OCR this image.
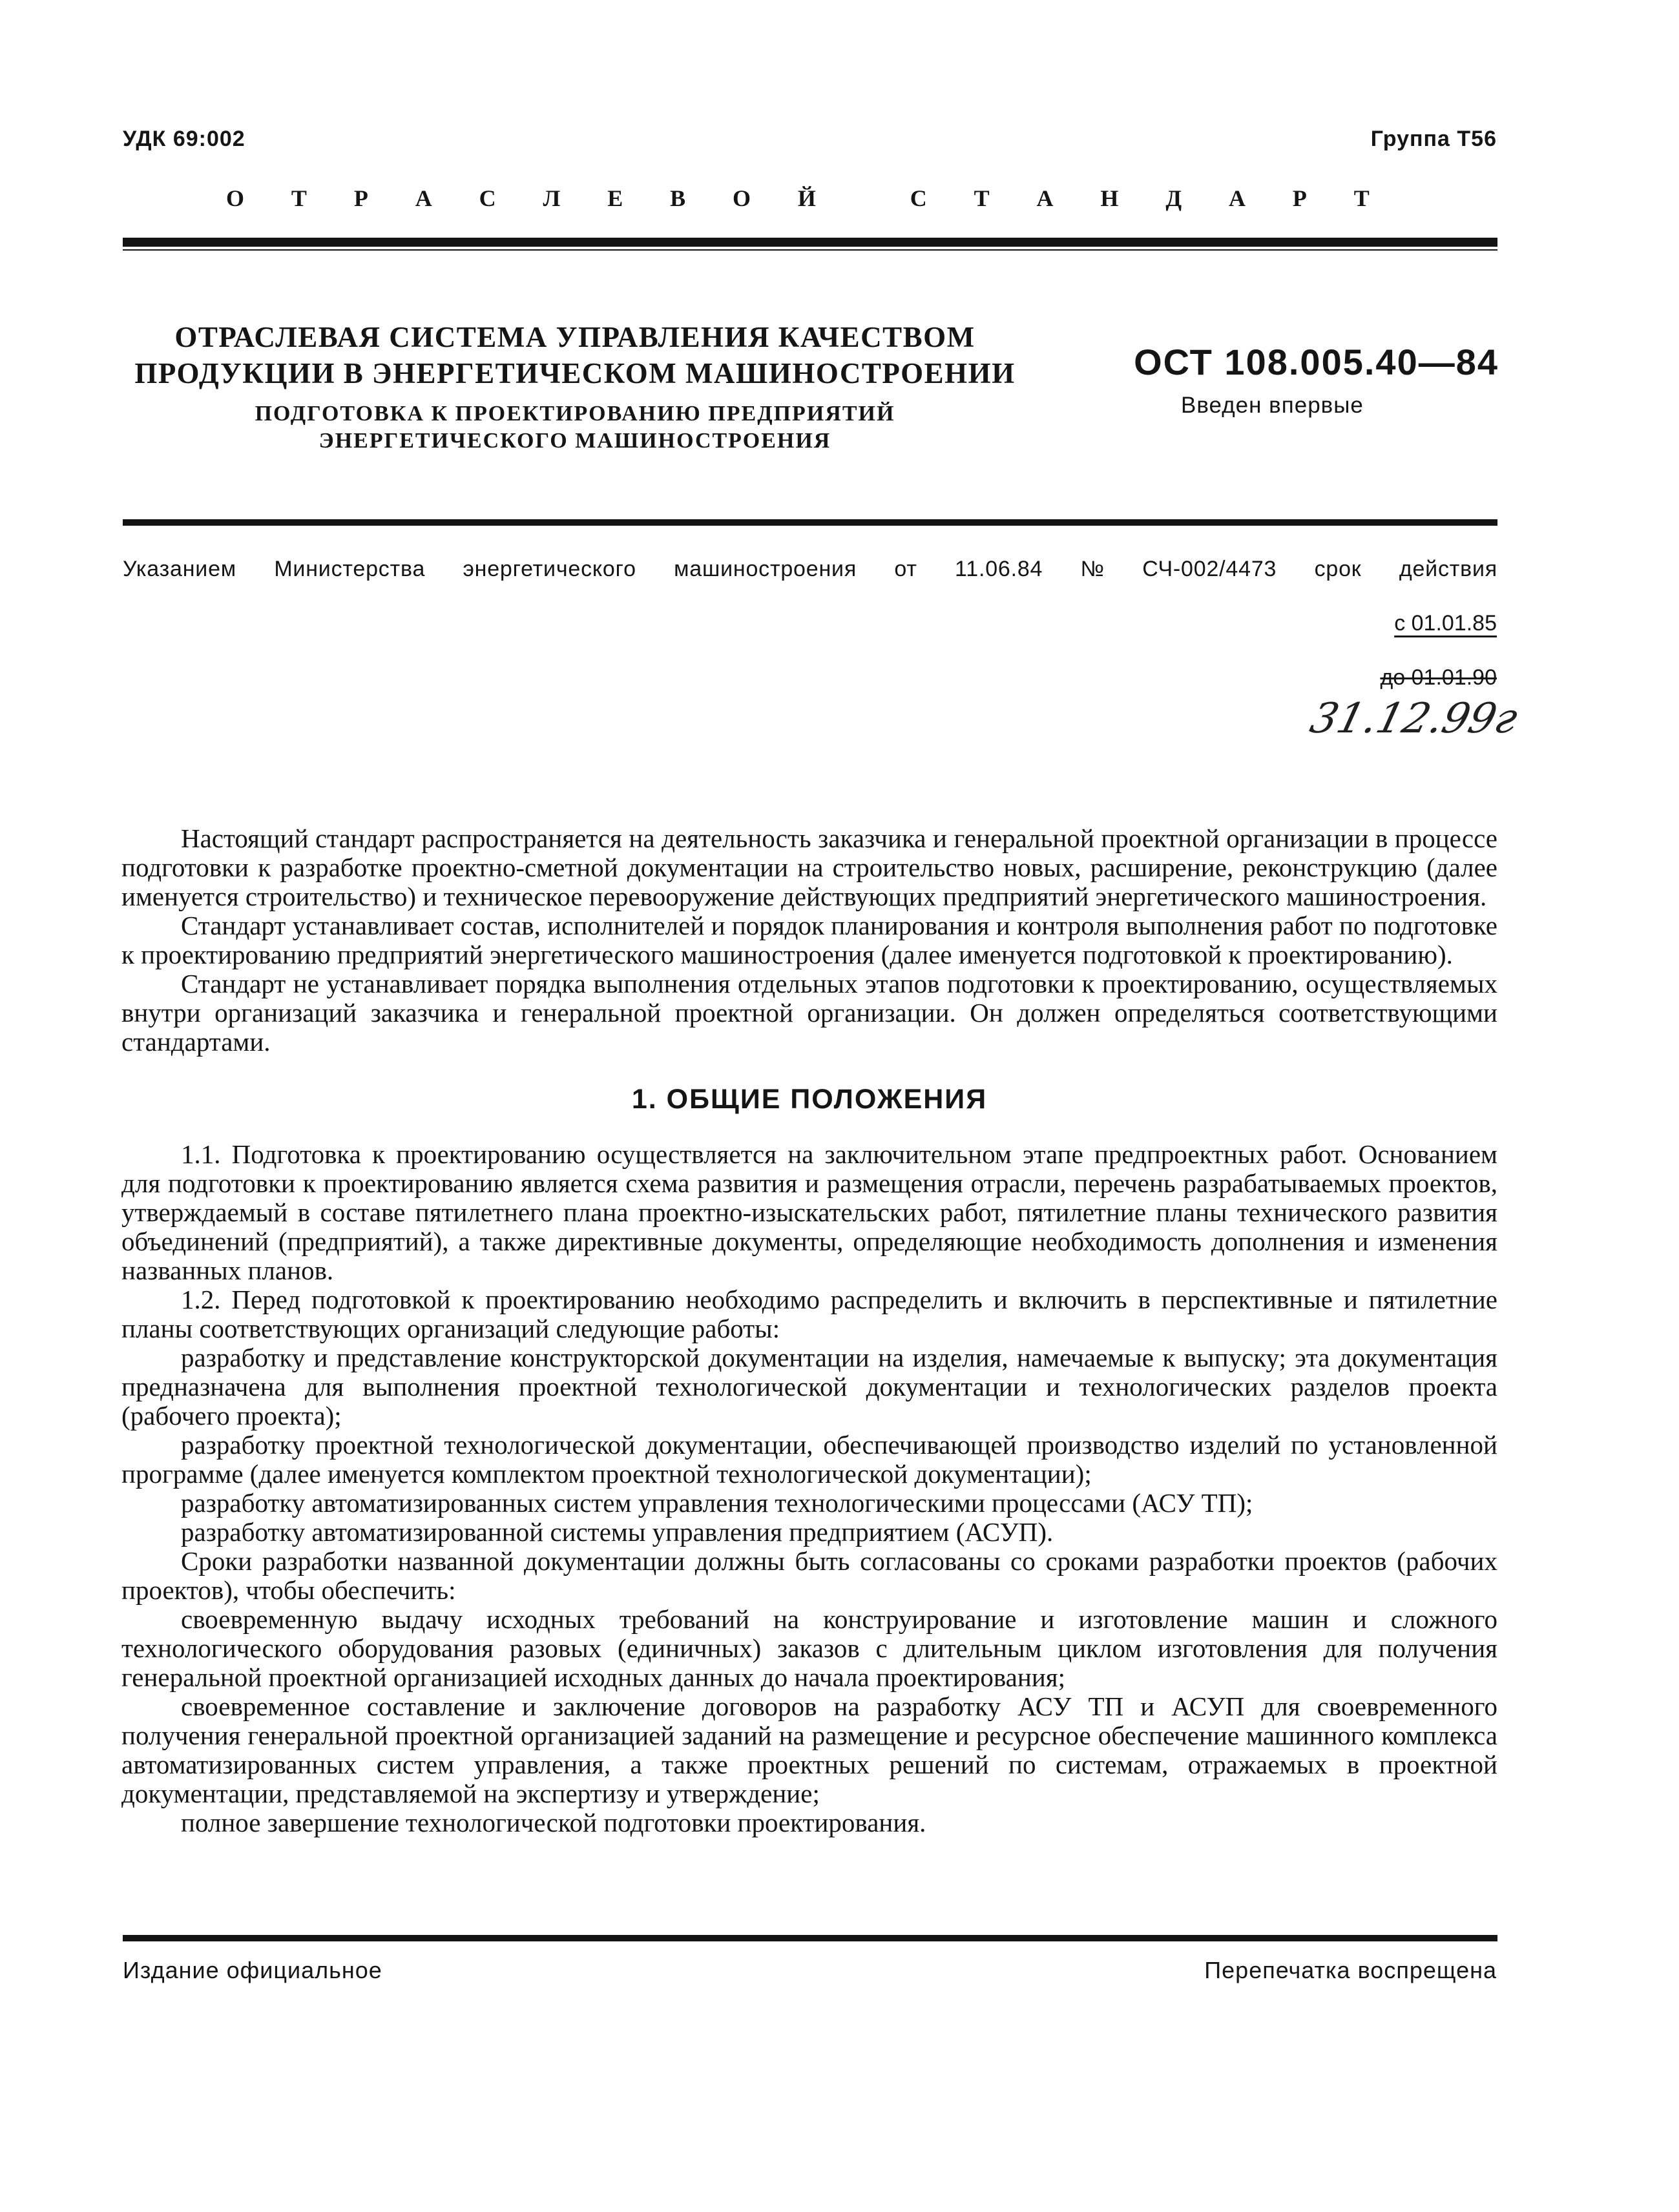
УДК 69:002	Группа Т56
О Т Р А С Л Е В О Й	С Т А Н Д А Р Т
ОТРАСЛЕВАЯ СИСТЕМА УПРАВЛЕНИЯ КАЧЕСТВОМ
ПРОДУКЦИИ В ЭНЕРГЕТИЧЕСКОМ МАШИНОСТРОЕНИИ
ПОДГОТОВКА К ПРОЕКТИРОВАНИЮ ПРЕДПРИЯТИЙ
ЭНЕРГЕТИЧЕСКОГО МАШИНОСТРОЕНИЯ
ОСТ 108.005.40—84
Введен впервые
Указанием Министерства энергетического машиностроения от 11.06.84 № СЧ-002/4473 срок действия
с 01.01.85
до 01.01.90
31.12.99г

Настоящий стандарт распространяется на деятельность заказчика и генеральной проектной организации в процессе подготовки к разработке проектно-сметной документации на строительство новых, расширение, реконструкцию (далее именуется строительство) и техническое перевооружение действующих предприятий энергетического машиностроения.

Стандарт устанавливает состав, исполнителей и порядок планирования и контроля выполнения работ по подготовке к проектированию предприятий энергетического машиностроения (далее именуется подготовкой к проектированию).

Стандарт не устанавливает порядка выполнения отдельных этапов подготовки к проектированию, осуществляемых внутри организаций заказчика и генеральной проектной организации. Он должен определяться соответствующими стандартами.

1. ОБЩИЕ ПОЛОЖЕНИЯ

1.1. Подготовка к проектированию осуществляется на заключительном этапе предпроектных работ. Основанием для подготовки к проектированию является схема развития и размещения отрасли, перечень разрабатываемых проектов, утверждаемый в составе пятилетнего плана проектно-изыскательских работ, пятилетние планы технического развития объединений (предприятий), а также директивные документы, определяющие необходимость дополнения и изменения названных планов.

1.2. Перед подготовкой к проектированию необходимо распределить и включить в перспективные и пятилетние планы соответствующих организаций следующие работы:

разработку и представление конструкторской документации на изделия, намечаемые к выпуску; эта документация предназначена для выполнения проектной технологической документации и технологических разделов проекта (рабочего проекта);

разработку проектной технологической документации, обеспечивающей производство изделий по установленной программе (далее именуется комплектом проектной технологической документации);

разработку автоматизированных систем управления технологическими процессами (АСУ ТП);

разработку автоматизированной системы управления предприятием (АСУП).

Сроки разработки названной документации должны быть согласованы со сроками разработки проектов (рабочих проектов), чтобы обеспечить:

своевременную выдачу исходных требований на конструирование и изготовление машин и сложного технологического оборудования разовых (единичных) заказов с длительным циклом изготовления для получения генеральной проектной организацией исходных данных до начала проектирования;

своевременное составление и заключение договоров на разработку АСУ ТП и АСУП для своевременного получения генеральной проектной организацией заданий на размещение и ресурсное обеспечение машинного комплекса автоматизированных систем управления, а также проектных решений по системам, отражаемых в проектной документации, представляемой на экспертизу и утверждение;

полное завершение технологической подготовки проектирования.

Издание официальное	Перепечатка воспрещена
